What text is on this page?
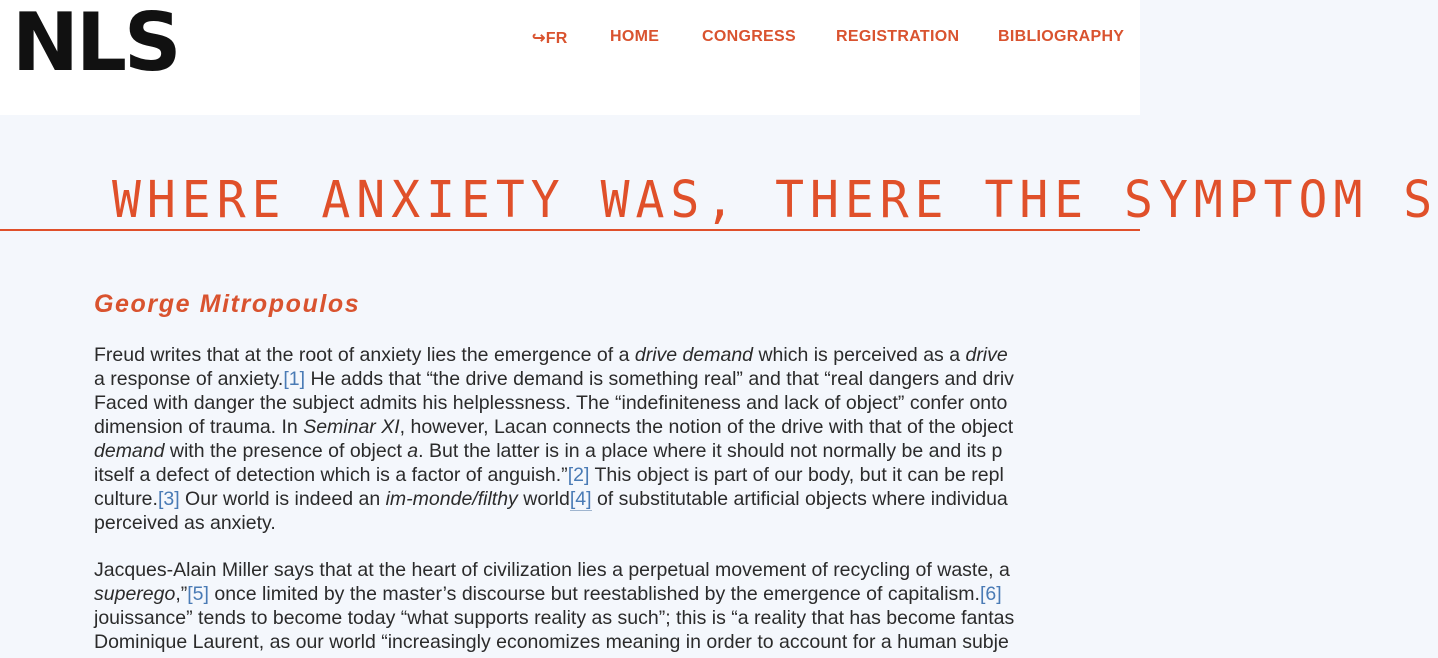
NLS	↪FR	HOME	CONGRESS	REGISTRATION BIBLIOGRAPHY
WHERE ANXIETY WAS, THERE THE SYMPTOM S
George Mitropoulos
Freud writes that at the root of anxiety lies the emergence of a drive demand which is perceived as a drive
a response of anxiety.[1] He adds that “the drive demand is something real” and that “real dangers and driv
Faced with danger the subject admits his helplessness. The “indefiniteness and lack of object” confer onto
dimension of trauma. In Seminar XI, however, Lacan connects the notion of the drive with that of the object
demand with the presence of object a. But the latter is in a place where it should not normally be and its p
itself a defect of detection which is a factor of anguish.”[2] This object is part of our body, but it can be repl
culture.[3] Our world is indeed an im-monde/filthy world[4] of substitutable artificial objects where individua
perceived as anxiety.
Jacques-Alain Miller says that at the heart of civilization lies a perpetual movement of recycling of waste, a
superego,”[5] once limited by the master’s discourse but reestablished by the emergence of capitalism.[6]
jouissance” tends to become today “what supports reality as such”; this is “a reality that has become fantas
Dominique Laurent, as our world “increasingly economizes meaning in order to account for a human subje
